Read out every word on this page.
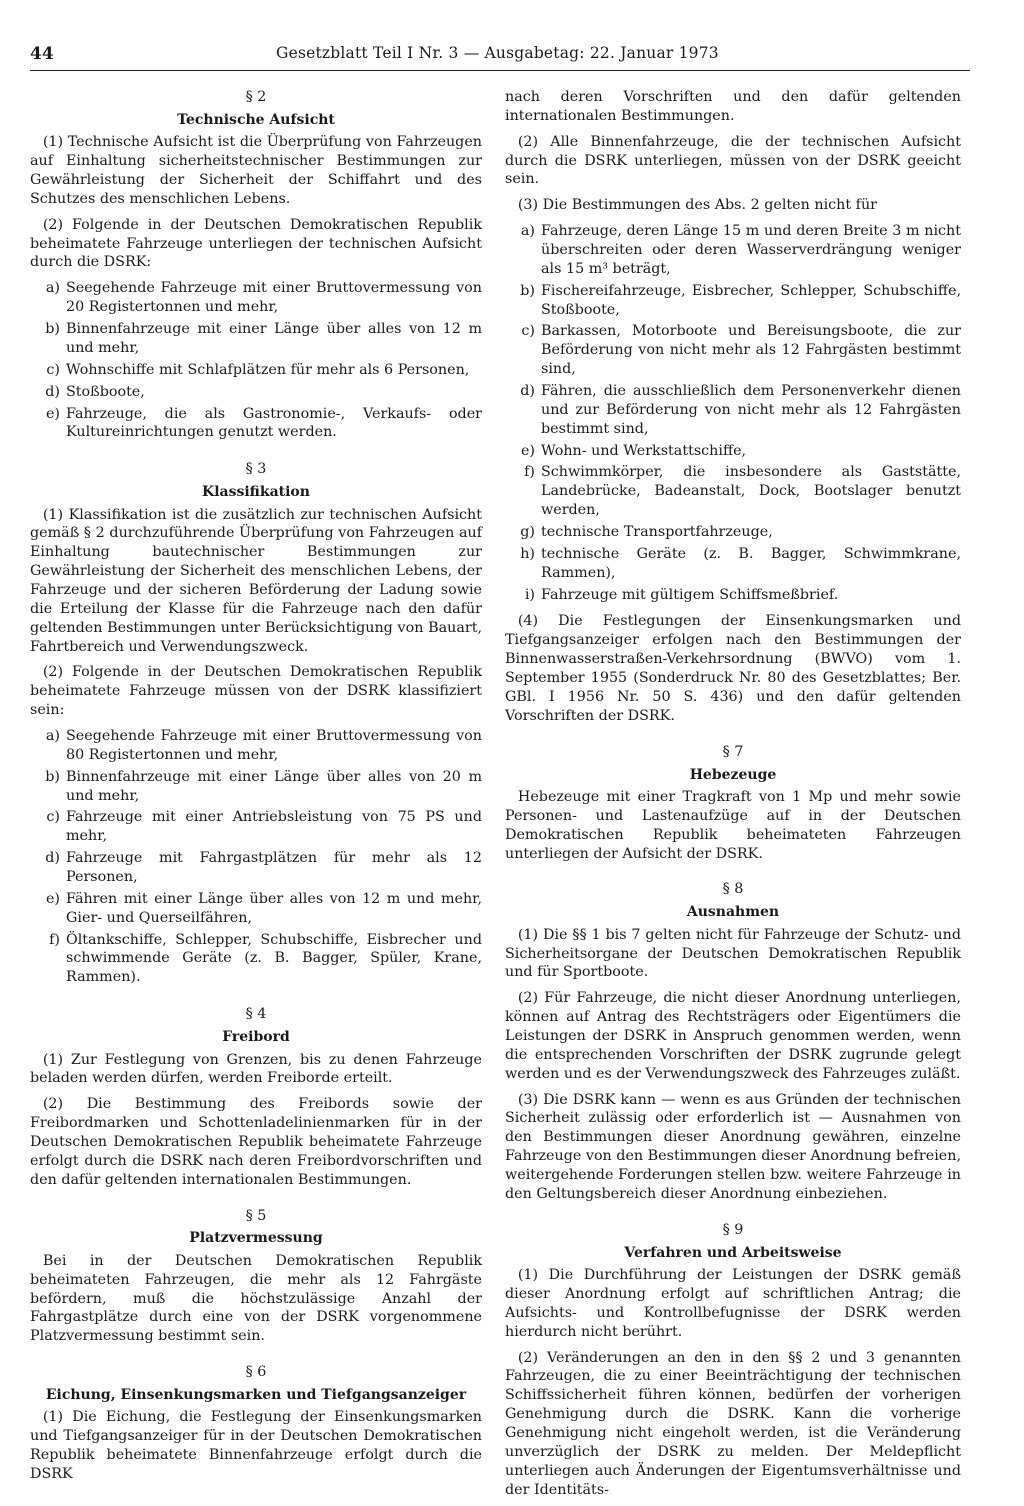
44	Gesetzblatt Teil I Nr. 3 — Ausgabetag: 22. Januar 1973
§ 2
Technische Aufsicht

(1) Technische Aufsicht ist die Überprüfung von Fahrzeugen auf Einhaltung sicherheitstechnischer Bestimmungen zur Gewährleistung der Sicherheit der Schiffahrt und des Schutzes des menschlichen Lebens.

(2) Folgende in der Deutschen Demokratischen Republik beheimatete Fahrzeuge unterliegen der technischen Aufsicht durch die DSRK:

a) Seegehende Fahrzeuge mit einer Bruttovermessung von 20 Registertonnen und mehr,
b) Binnenfahrzeuge mit einer Länge über alles von 12 m und mehr,
c) Wohnschiffe mit Schlafplätzen für mehr als 6 Personen,
d) Stoßboote,
e) Fahrzeuge, die als Gastronomie-, Verkaufs- oder Kultureinrichtungen genutzt werden.
§ 3
Klassifikation

(1) Klassifikation ist die zusätzlich zur technischen Aufsicht gemäß § 2 durchzuführende Überprüfung von Fahrzeugen auf Einhaltung bautechnischer Bestimmungen zur Gewährleistung der Sicherheit des menschlichen Lebens, der Fahrzeuge und der sicheren Beförderung der Ladung sowie die Erteilung der Klasse für die Fahrzeuge nach den dafür geltenden Bestimmungen unter Berücksichtigung von Bauart, Fahrtbereich und Verwendungszweck.

(2) Folgende in der Deutschen Demokratischen Republik beheimatete Fahrzeuge müssen von der DSRK klassifiziert sein:

a) Seegehende Fahrzeuge mit einer Bruttovermessung von 80 Registertonnen und mehr,
b) Binnenfahrzeuge mit einer Länge über alles von 20 m und mehr,
c) Fahrzeuge mit einer Antriebsleistung von 75 PS und mehr,
d) Fahrzeuge mit Fahrgastplätzen für mehr als 12 Personen,
e) Fähren mit einer Länge über alles von 12 m und mehr, Gier- und Querseilfähren,
f) Öltankschiffe, Schlepper, Schubschiffe, Eisbrecher und schwimmende Geräte (z. B. Bagger, Spüler, Krane, Rammen).
§ 4
Freibord

(1) Zur Festlegung von Grenzen, bis zu denen Fahrzeuge beladen werden dürfen, werden Freiborde erteilt.

(2) Die Bestimmung des Freibords sowie der Freibordmarken und Schottenladelinienmarken für in der Deutschen Demokratischen Republik beheimatete Fahrzeuge erfolgt durch die DSRK nach deren Freibordvorschriften und den dafür geltenden internationalen Bestimmungen.

§ 5
Platzvermessung

Bei in der Deutschen Demokratischen Republik beheimateten Fahrzeugen, die mehr als 12 Fahrgäste befördern, muß die höchstzulässige Anzahl der Fahrgastplätze durch eine von der DSRK vorgenommene Platzvermessung bestimmt sein.

§ 6
Eichung, Einsenkungsmarken und Tiefgangsanzeiger

(1) Die Eichung, die Festlegung der Einsenkungsmarken und Tiefgangsanzeiger für in der Deutschen Demokratischen Republik beheimatete Binnenfahrzeuge erfolgt durch die DSRK

nach deren Vorschriften und den dafür geltenden internationalen Bestimmungen.

(2) Alle Binnenfahrzeuge, die der technischen Aufsicht durch die DSRK unterliegen, müssen von der DSRK geeicht sein.

(3) Die Bestimmungen des Abs. 2 gelten nicht für

a) Fahrzeuge, deren Länge 15 m und deren Breite 3 m nicht überschreiten oder deren Wasserverdrängung weniger als 15 m³ beträgt,
b) Fischereifahrzeuge, Eisbrecher, Schlepper, Schubschiffe, Stoßboote,
c) Barkassen, Motorboote und Bereisungsboote, die zur Beförderung von nicht mehr als 12 Fahrgästen bestimmt sind,
d) Fähren, die ausschließlich dem Personenverkehr dienen und zur Beförderung von nicht mehr als 12 Fahrgästen bestimmt sind,
e) Wohn- und Werkstattschiffe,
f) Schwimmkörper, die insbesondere als Gaststätte, Landebrücke, Badeanstalt, Dock, Bootslager benutzt werden,
g) technische Transportfahrzeuge,
h) technische Geräte (z. B. Bagger, Schwimmkrane, Rammen),
i) Fahrzeuge mit gültigem Schiffsmeßbrief.

(4) Die Festlegungen der Einsenkungsmarken und Tiefgangsanzeiger erfolgen nach den Bestimmungen der Binnenwasserstraßen-Verkehrsordnung (BWVO) vom 1. September 1955 (Sonderdruck Nr. 80 des Gesetzblattes; Ber. GBl. I 1956 Nr. 50 S. 436) und den dafür geltenden Vorschriften der DSRK.

§ 7
Hebezeuge

Hebezeuge mit einer Tragkraft von 1 Mp und mehr sowie Personen- und Lastenaufzüge auf in der Deutschen Demokratischen Republik beheimateten Fahrzeugen unterliegen der Aufsicht der DSRK.

§ 8
Ausnahmen

(1) Die §§ 1 bis 7 gelten nicht für Fahrzeuge der Schutz- und Sicherheitsorgane der Deutschen Demokratischen Republik und für Sportboote.

(2) Für Fahrzeuge, die nicht dieser Anordnung unterliegen, können auf Antrag des Rechtsträgers oder Eigentümers die Leistungen der DSRK in Anspruch genommen werden, wenn die entsprechenden Vorschriften der DSRK zugrunde gelegt werden und es der Verwendungszweck des Fahrzeuges zuläßt.

(3) Die DSRK kann — wenn es aus Gründen der technischen Sicherheit zulässig oder erforderlich ist — Ausnahmen von den Bestimmungen dieser Anordnung gewähren, einzelne Fahrzeuge von den Bestimmungen dieser Anordnung befreien, weitergehende Forderungen stellen bzw. weitere Fahrzeuge in den Geltungsbereich dieser Anordnung einbeziehen.

§ 9
Verfahren und Arbeitsweise

(1) Die Durchführung der Leistungen der DSRK gemäß dieser Anordnung erfolgt auf schriftlichen Antrag; die Aufsichts- und Kontrollbefugnisse der DSRK werden hierdurch nicht berührt.

(2) Veränderungen an den in den §§ 2 und 3 genannten Fahrzeugen, die zu einer Beeinträchtigung der technischen Schiffssicherheit führen können, bedürfen der vorherigen Genehmigung durch die DSRK. Kann die vorherige Genehmigung nicht eingeholt werden, ist die Veränderung unverzüglich der DSRK zu melden. Der Meldepflicht unterliegen auch Änderungen der Eigentumsverhältnisse und der Identitäts-
